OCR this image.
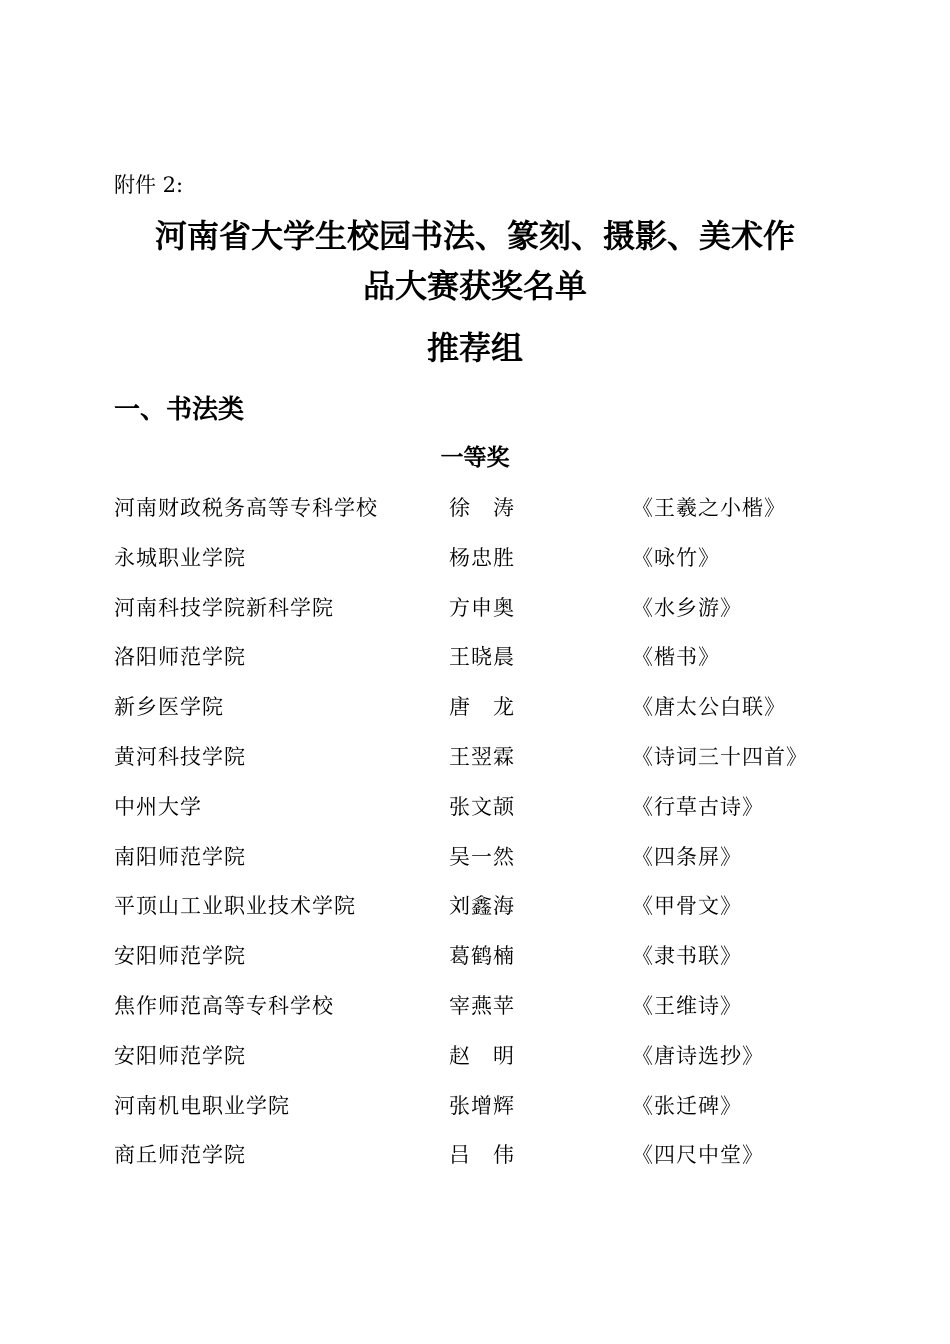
附件 2:
河南省大学生校园书法、篆刻、摄影、美术作
品大赛获奖名单
推荐组
一、书法类
一等奖
河南财政税务高等专科学校	徐　涛	《王羲之小楷》
永城职业学院	杨忠胜	《咏竹》
河南科技学院新科学院	方申奥	《水乡游》
洛阳师范学院	王晓晨	《楷书》
新乡医学院	唐　龙	《唐太公白联》
黄河科技学院	王翌霖	《诗词三十四首》
中州大学	张文颉	《行草古诗》
南阳师范学院	吴一然	《四条屏》
平顶山工业职业技术学院	刘鑫海	《甲骨文》
安阳师范学院	葛鹤楠	《隶书联》
焦作师范高等专科学校	宰燕苹	《王维诗》
安阳师范学院	赵　明	《唐诗选抄》
河南机电职业学院	张增辉	《张迁碑》
商丘师范学院	吕　伟	《四尺中堂》
